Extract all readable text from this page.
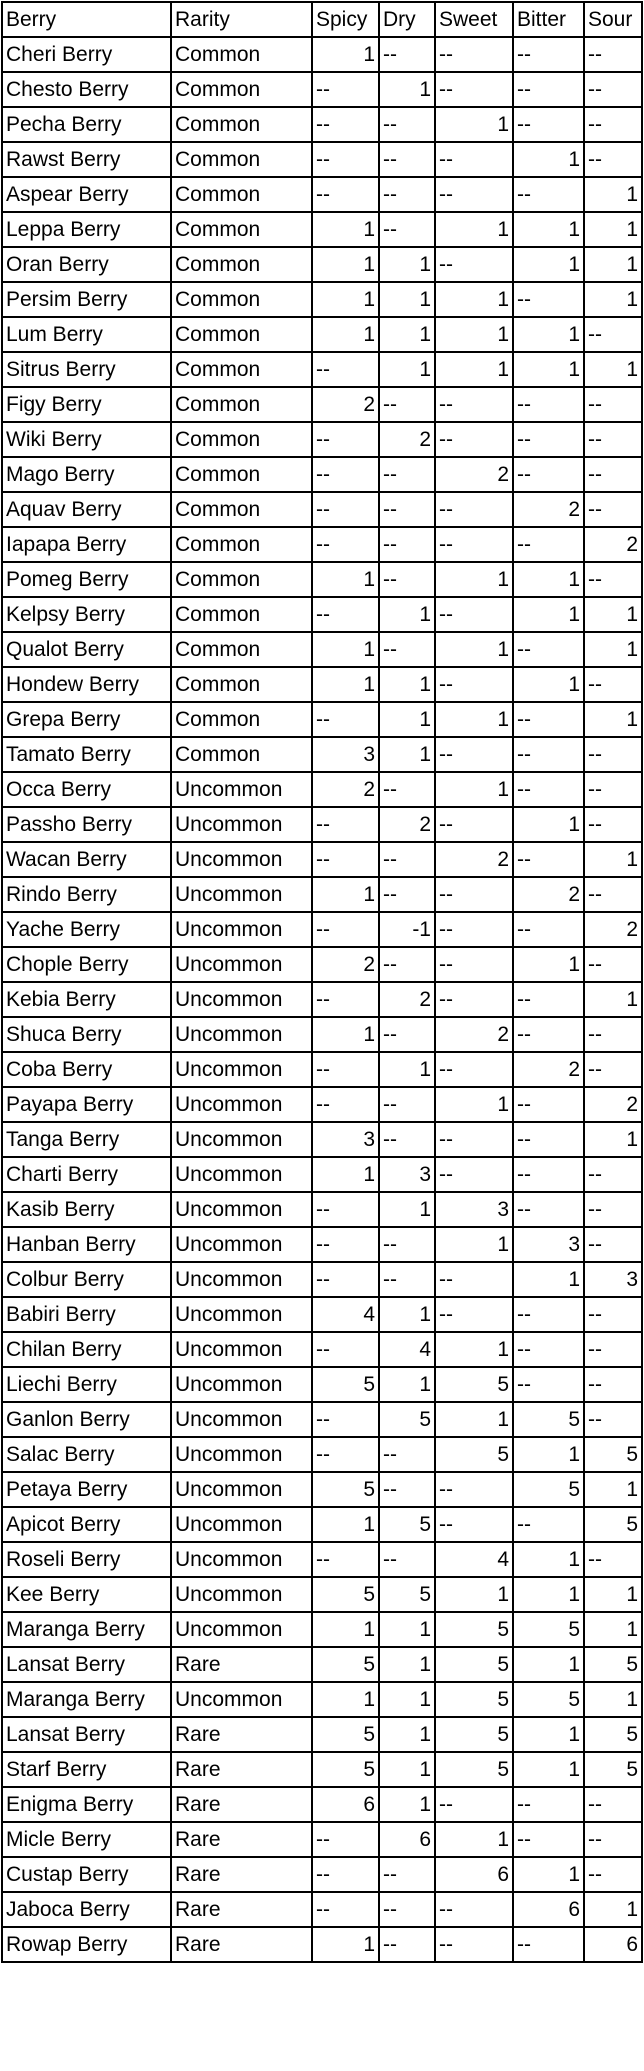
Berry	Rarity	Spicy	Dry	Sweet	Bitter	Sour
Cheri Berry	Common	1	--	--	--	--
Chesto Berry	Common	--	1	--	--	--
Pecha Berry	Common	--	--	1	--	--
Rawst Berry	Common	--	--	--	1	--
Aspear Berry	Common	--	--	--	--	1
Leppa Berry	Common	1	--	1	1	1
Oran Berry	Common	1	1	--	1	1
Persim Berry	Common	1	1	1	--	1
Lum Berry	Common	1	1	1	1	--
Sitrus Berry	Common	--	1	1	1	1
Figy Berry	Common	2	--	--	--	--
Wiki Berry	Common	--	2	--	--	--
Mago Berry	Common	--	--	2	--	--
Aquav Berry	Common	--	--	--	2	--
Iapapa Berry	Common	--	--	--	--	2
Pomeg Berry	Common	1	--	1	1	--
Kelpsy Berry	Common	--	1	--	1	1
Qualot Berry	Common	1	--	1	--	1
Hondew Berry	Common	1	1	--	1	--
Grepa Berry	Common	--	1	1	--	1
Tamato Berry	Common	3	1	--	--	--
Occa Berry	Uncommon	2	--	1	--	--
Passho Berry	Uncommon	--	2	--	1	--
Wacan Berry	Uncommon	--	--	2	--	1
Rindo Berry	Uncommon	1	--	--	2	--
Yache Berry	Uncommon	--	-1	--	--	2
Chople Berry	Uncommon	2	--	--	1	--
Kebia Berry	Uncommon	--	2	--	--	1
Shuca Berry	Uncommon	1	--	2	--	--
Coba Berry	Uncommon	--	1	--	2	--
Payapa Berry	Uncommon	--	--	1	--	2
Tanga Berry	Uncommon	3	--	--	--	1
Charti Berry	Uncommon	1	3	--	--	--
Kasib Berry	Uncommon	--	1	3	--	--
Hanban Berry	Uncommon	--	--	1	3	--
Colbur Berry	Uncommon	--	--	--	1	3
Babiri Berry	Uncommon	4	1	--	--	--
Chilan Berry	Uncommon	--	4	1	--	--
Liechi Berry	Uncommon	5	1	5	--	--
Ganlon Berry	Uncommon	--	5	1	5	--
Salac Berry	Uncommon	--	--	5	1	5
Petaya Berry	Uncommon	5	--	--	5	1
Apicot Berry	Uncommon	1	5	--	--	5
Roseli Berry	Uncommon	--	--	4	1	--
Kee Berry	Uncommon	5	5	1	1	1
Maranga Berry	Uncommon	1	1	5	5	1
Lansat Berry	Rare	5	1	5	1	5
Maranga Berry	Uncommon	1	1	5	5	1
Lansat Berry	Rare	5	1	5	1	5
Starf Berry	Rare	5	1	5	1	5
Enigma Berry	Rare	6	1	--	--	--
Micle Berry	Rare	--	6	1	--	--
Custap Berry	Rare	--	--	6	1	--
Jaboca Berry	Rare	--	--	--	6	1
Rowap Berry	Rare	1	--	--	--	6
